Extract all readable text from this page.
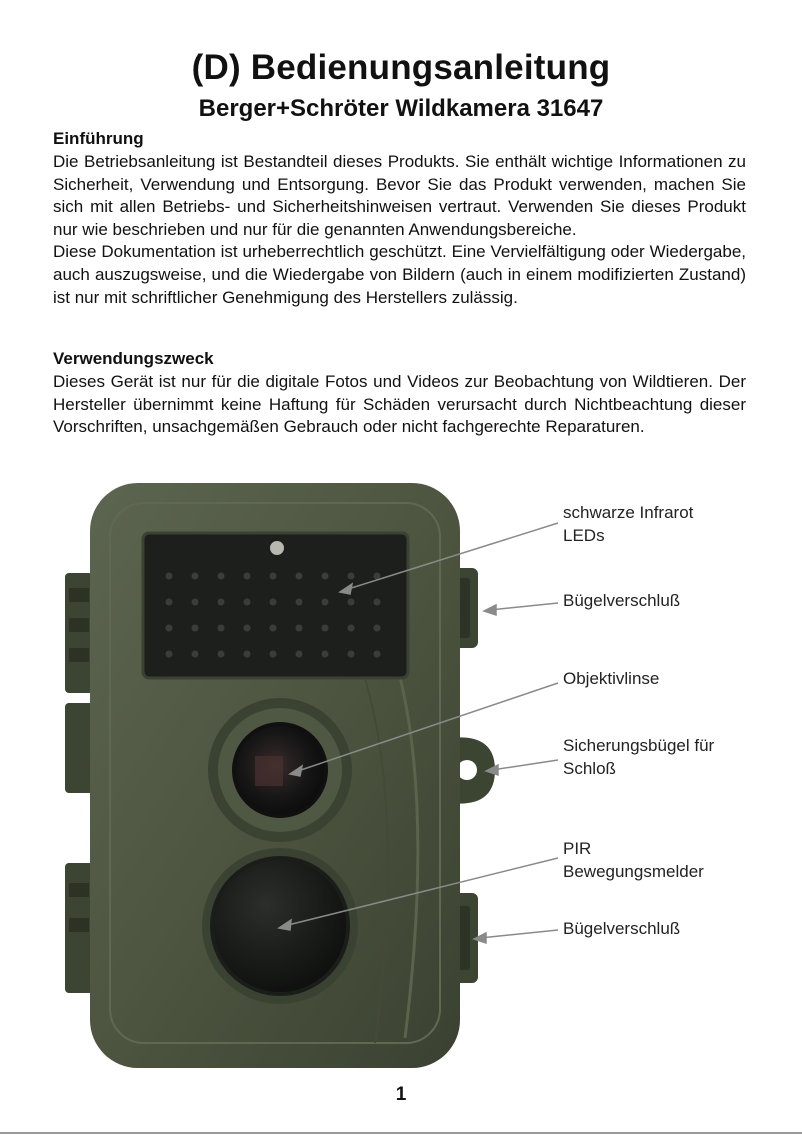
(D) Bedienungsanleitung
Berger+Schröter Wildkamera 31647
Einführung

Die Betriebsanleitung ist Bestandteil dieses Produkts. Sie enthält wichtige Informationen zu Sicherheit, Verwendung und Entsorgung. Bevor Sie das Produkt verwenden, machen Sie sich mit allen Betriebs- und Sicherheitshinweisen vertraut. Verwenden Sie dieses Produkt nur wie beschrieben und nur für die genannten Anwendungsbereiche.

Diese Dokumentation ist urheberrechtlich geschützt. Eine Vervielfältigung oder Wiedergabe, auch auszugsweise, und die Wiedergabe von Bildern (auch in einem modifizierten Zustand) ist nur mit schriftlicher Genehmigung des Herstellers zulässig.

Verwendungszweck

Dieses Gerät ist nur für die digitale Fotos und Videos zur Beobachtung von Wildtieren. Der Hersteller übernimmt keine Haftung für Schäden verursacht durch Nichtbeachtung dieser Vorschriften, unsachgemäßen Gebrauch oder nicht fachgerechte Reparaturen.

schwarze Infrarot
LEDs
Bügelverschluß
Objektivlinse
Sicherungsbügel für
Schloß
PIR
Bewegungsmelder
Bügelverschluß
1
